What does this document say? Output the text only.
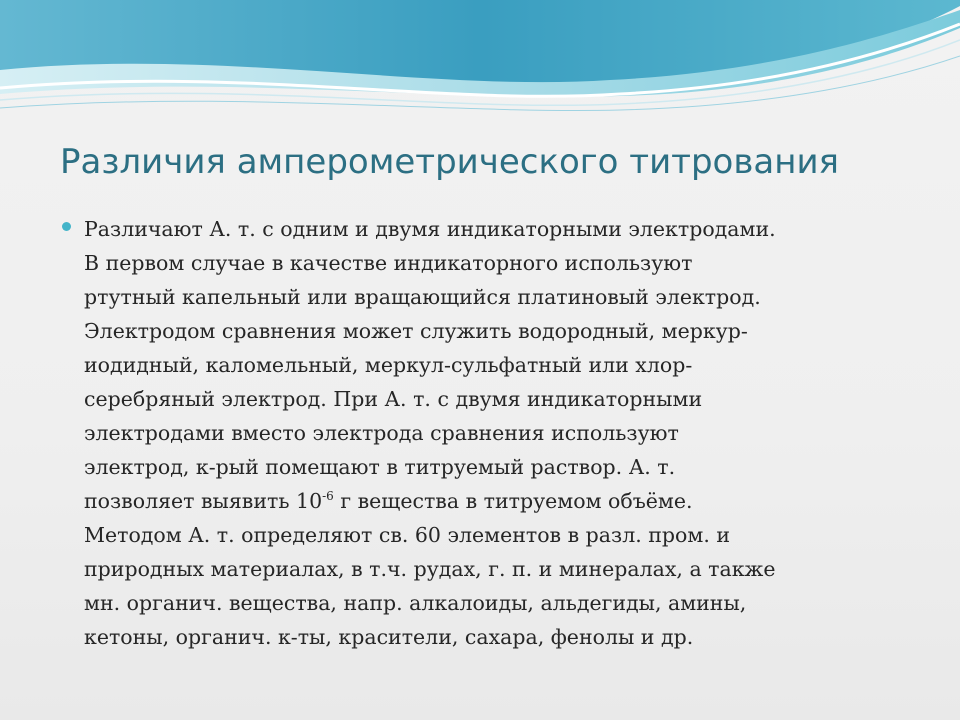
Различия амперометрического титрования

Различают А. т. с одним и двумя индикаторными электродами.
В первом случае в качестве индикаторного используют
ртутный капельный или вращающийся платиновый электрод.
Электродом сравнения может служить водородный, меркур-
иодидный, каломельный, меркул-сульфатный или хлор-
серебряный электрод. При А. т. с двумя индикаторными
электродами вместо электрода сравнения используют
электрод, к-рый помещают в титруемый раствор. А. т.
позволяет выявить $10^{-6}$ г вещества в титруемом объёме.
Методом А. т. определяют св. 60 элементов в разл. пром. и
природных материалах, в т.ч. рудах, г. п. и минералах, а также
мн. органич. вещества, напр. алкалоиды, альдегиды, амины,
кетоны, органич. к-ты, красители, сахара, фенолы и др.
